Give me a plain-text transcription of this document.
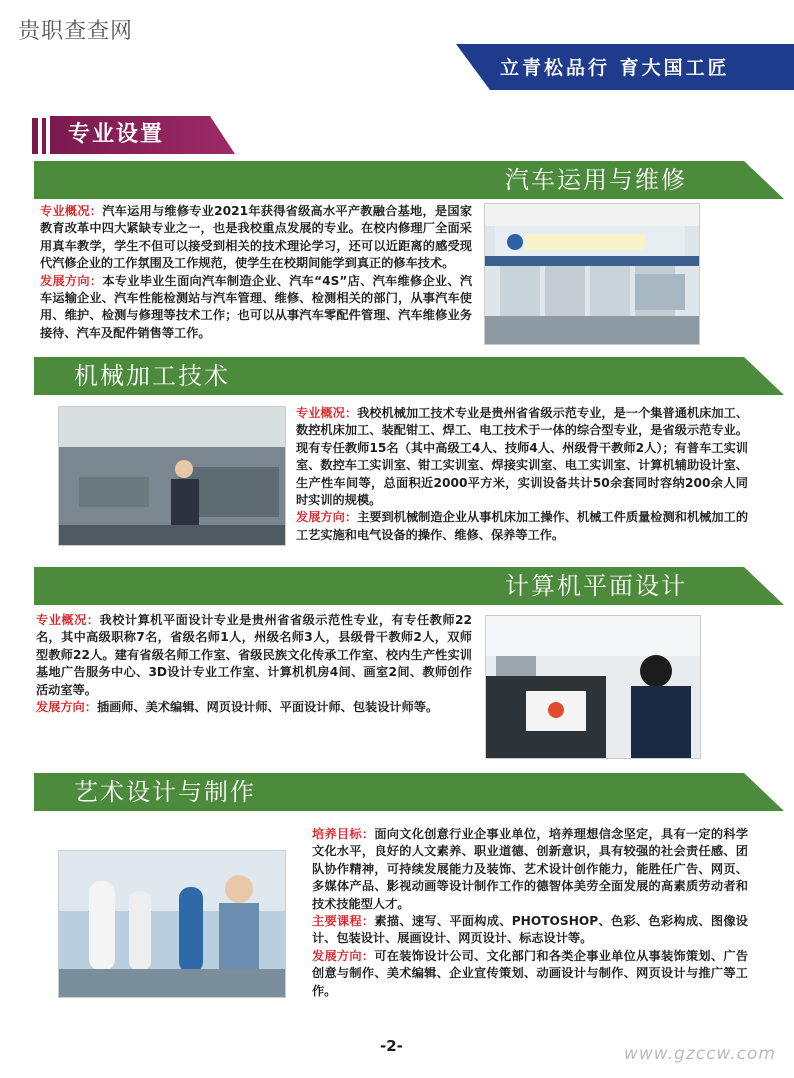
贵职查查网
立青松品行 育大国工匠
专业设置
汽车运用与维修
专业概况：汽车运用与维修专业2021年获得省级高水平产教融合基地，是国家教育改革中四大紧缺专业之一，也是我校重点发展的专业。在校内修理厂全面采用真车教学，学生不但可以接受到相关的技术理论学习，还可以近距离的感受现代汽修企业的工作氛围及工作规范，使学生在校期间能学到真正的修车技术。
发展方向：本专业毕业生面向汽车制造企业、汽车“4S”店、汽车维修企业、汽车运输企业、汽车性能检测站与汽车管理、维修、检测相关的部门，从事汽车使用、维护、检测与修理等技术工作；也可以从事汽车零配件管理、汽车维修业务接待、汽车及配件销售等工作。
机械加工技术
专业概况：我校机械加工技术专业是贵州省省级示范专业，是一个集普通机床加工、数控机床加工、装配钳工、焊工、电工技术于一体的综合型专业，是省级示范专业。现有专任教师15名（其中高级工4人、技师4人、州级骨干教师2人）；有普车工实训室、数控车工实训室、钳工实训室、焊接实训室、电工实训室、计算机辅助设计室、生产性车间等，总面积近2000平方米，实训设备共计50余套同时容纳200余人同时实训的规模。
发展方向：主要到机械制造企业从事机床加工操作、机械工件质量检测和机械加工的工艺实施和电气设备的操作、维修、保养等工作。
计算机平面设计
专业概况：我校计算机平面设计专业是贵州省省级示范性专业，有专任教师22名，其中高级职称7名，省级名师1人，州级名师3人，县级骨干教师2人，双师型教师22人。建有省级名师工作室、省级民族文化传承工作室、校内生产性实训基地广告服务中心、3D设计专业工作室、计算机机房4间、画室2间、教师创作活动室等。
发展方向：插画师、美术编辑、网页设计师、平面设计师、包装设计师等。
艺术设计与制作
培养目标：面向文化创意行业企事业单位，培养理想信念坚定，具有一定的科学文化水平，良好的人文素养、职业道德、创新意识，具有较强的社会责任感、团队协作精神，可持续发展能力及装饰、艺术设计创作能力，能胜任广告、网页、多媒体产品、影视动画等设计制作工作的德智体美劳全面发展的高素质劳动者和技术技能型人才。
主要课程：素描、速写、平面构成、PHOTOSHOP、色彩、色彩构成、图像设计、包装设计、展画设计、网页设计、标志设计等。
发展方向：可在装饰设计公司、文化部门和各类企事业单位从事装饰策划、广告创意与制作、美术编辑、企业宣传策划、动画设计与制作、网页设计与推广等工作。
-2-	www.gzccw.com
